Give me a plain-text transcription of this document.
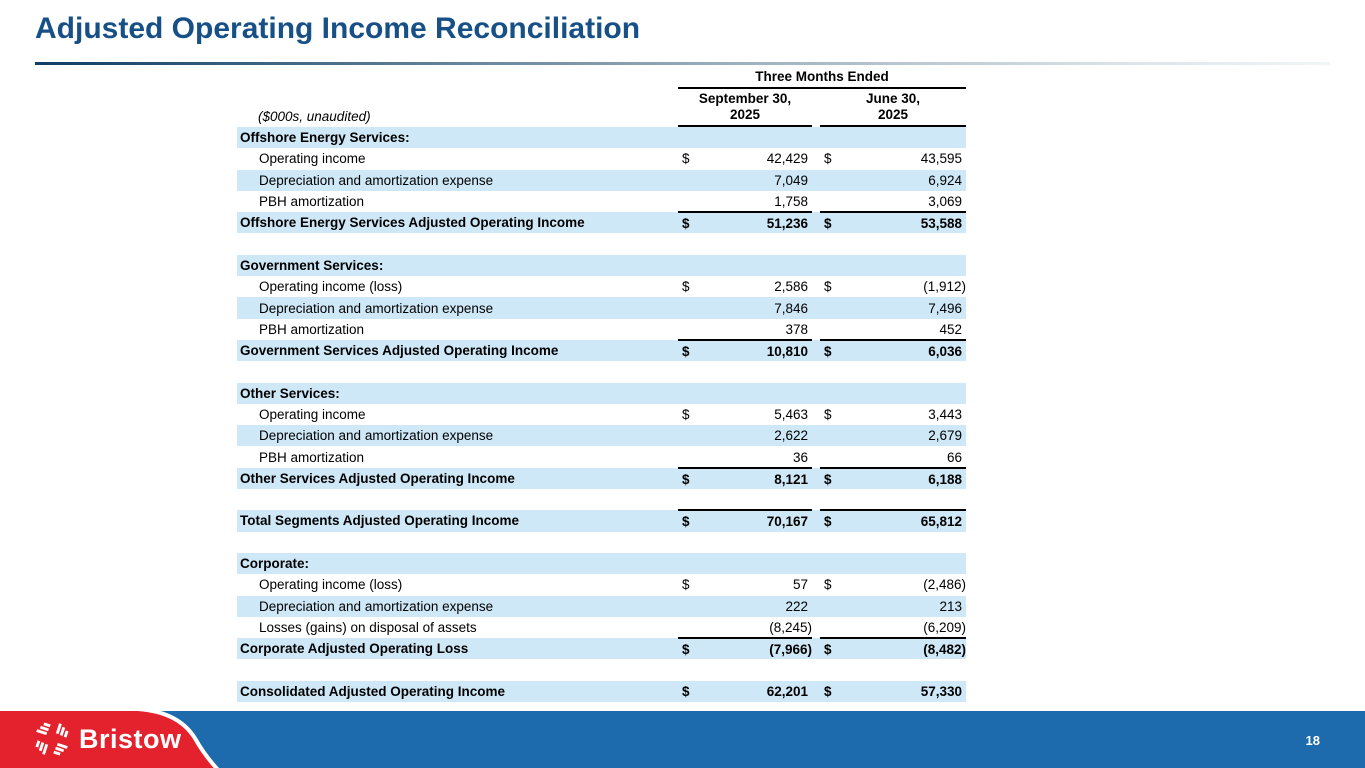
Adjusted Operating Income Reconciliation
Three Months Ended
($000s, unaudited)
September 30,
2025
June 30,
2025
Offshore Energy Services:
Operating income	$	42,429 $	43,595
Depreciation and amortization expense	7,049	6,924
PBH amortization	1,758	3,069
Offshore Energy Services Adjusted Operating Income	$	51,236 $	53,588
Government Services:
Operating income (loss)	$	2,586 $	(1,912)
Depreciation and amortization expense	7,846	7,496
PBH amortization	378	452
Government Services Adjusted Operating Income	$	10,810 $	6,036
Other Services:
Operating income	$	5,463 $	3,443
Depreciation and amortization expense	2,622	2,679
PBH amortization	36	66
Other Services Adjusted Operating Income	$	8,121 $	6,188
Total Segments Adjusted Operating Income	$	70,167 $	65,812
Corporate:
Operating income (loss)	$	57 $	(2,486)
Depreciation and amortization expense	222	213
Losses (gains) on disposal of assets	(8,245)	(6,209)
Corporate Adjusted Operating Loss	$	(7,966) $	(8,482)
Consolidated Adjusted Operating Income	$	62,201 $	57,330
Bristow	18
